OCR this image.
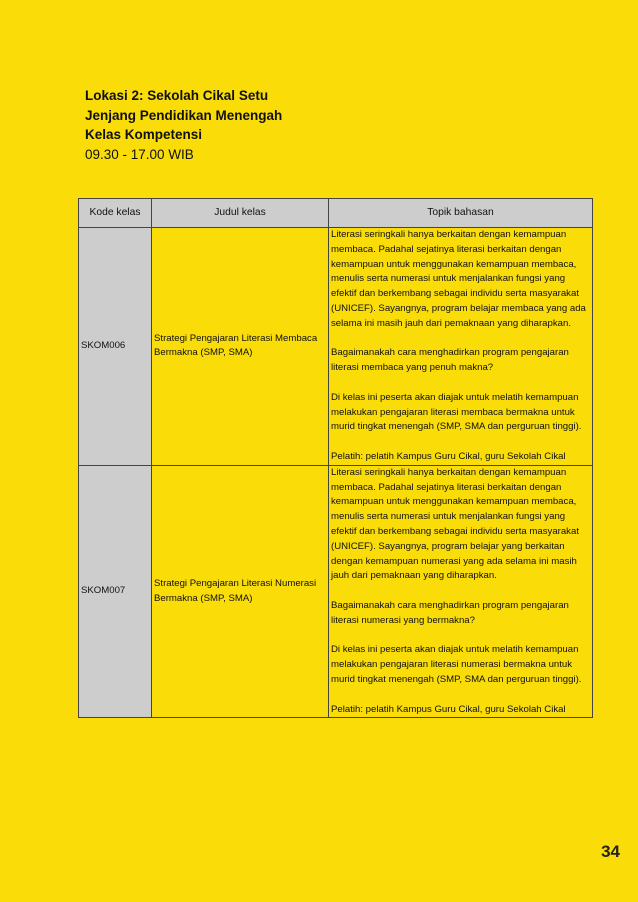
Lokasi 2: Sekolah Cikal Setu
Jenjang Pendidikan Menengah
Kelas Kompetensi
09.30 - 17.00 WIB
Kode kelas	Judul kelas	Topik bahasan
SKOM006	Strategi Pengajaran Literasi Membaca Bermakna (SMP, SMA)	Literasi seringkali hanya berkaitan dengan kemampuan membaca. Padahal sejatinya literasi berkaitan dengan kemampuan untuk menggunakan kemampuan membaca, menulis serta numerasi untuk menjalankan fungsi yang efektif dan berkembang sebagai individu serta masyarakat (UNICEF). Sayangnya, program belajar membaca yang ada selama ini masih jauh dari pemaknaan yang diharapkan.

Bagaimanakah cara menghadirkan program pengajaran literasi membaca yang penuh makna?

Di kelas ini peserta akan diajak untuk melatih kemampuan melakukan pengajaran literasi membaca bermakna untuk murid tingkat menengah (SMP, SMA dan perguruan tinggi).

Pelatih: pelatih Kampus Guru Cikal, guru Sekolah Cikal

SKOM007	Strategi Pengajaran Literasi Numerasi Bermakna (SMP, SMA)	Literasi seringkali hanya berkaitan dengan kemampuan membaca. Padahal sejatinya literasi berkaitan dengan kemampuan untuk menggunakan kemampuan membaca, menulis serta numerasi untuk menjalankan fungsi yang efektif dan berkembang sebagai individu serta masyarakat (UNICEF). Sayangnya, program belajar yang berkaitan dengan kemampuan numerasi yang ada selama ini masih jauh dari pemaknaan yang diharapkan.

Bagaimanakah cara menghadirkan program pengajaran literasi numerasi yang bermakna?

Di kelas ini peserta akan diajak untuk melatih kemampuan melakukan pengajaran literasi numerasi bermakna untuk murid tingkat menengah (SMP, SMA dan perguruan tinggi).

Pelatih: pelatih Kampus Guru Cikal, guru Sekolah Cikal

34
